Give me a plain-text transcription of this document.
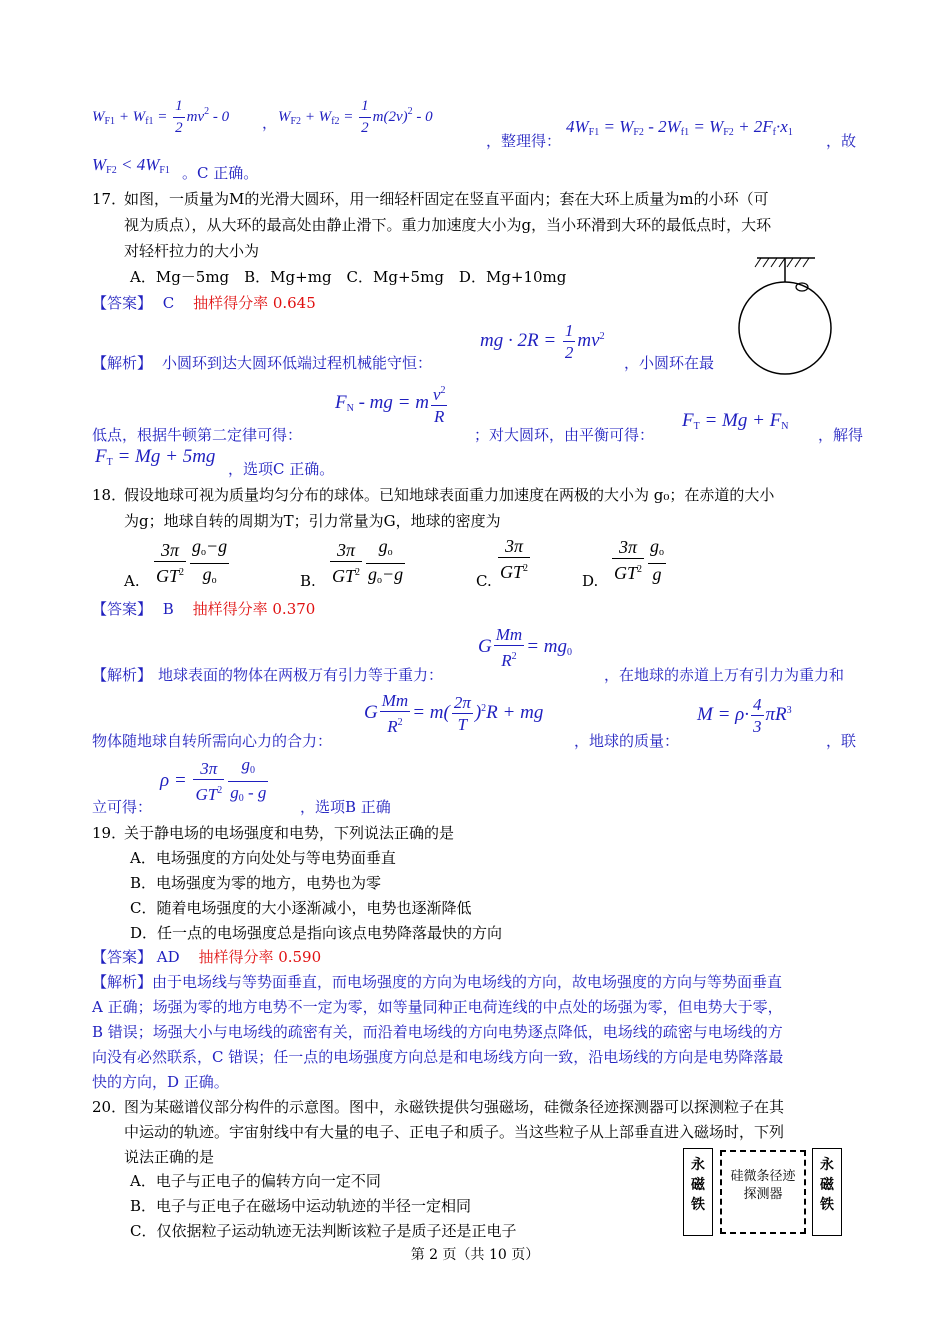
$W_{F1} + W_{f1} = \frac{1}{2} mv^2 - 0$ ， $W_{F2} + W_{f2} = \frac{1}{2} m(2v)^2 - 0$
，整理得：
$4W_{F1} = W_{F2} - 2W_{f1} = W_{F2} + 2F_f\cdot x_1$ ，故
$W_{F2} < 4W_{F1}$ 。C 正确。
17．
如图，一质量为M的光滑大圆环，用一细轻杆固定在竖直平面内；套在大环上质量为m的小环（可
视为质点），从大环的最高处由静止滑下。重力加速度大小为g，当小环滑到大环的最低点时，大环
对轻杆拉力的大小为
A．Mg－5mg　B．Mg+mg　C．Mg+5mg　D．Mg+10mg
【答案】 C 抽样得分率 0.645
mg · $2R = \frac{1}{2} mv^2$
【解析】 小圆环到达大圆环低端过程机械能守恒：	，小圆环在最
$F_N$ - mg = m $\frac{v^2}{R}$
低点，根据牛顿第二定律可得：	；对大圆环，由平衡可得：
$F_T = Mg + F_N$ ，解得
$F_T = Mg + 5mg$
，选项C 正确。
18．
假设地球可视为质量均匀分布的球体。已知地球表面重力加速度在两极的大小为 g₀；在赤道的大小
为g；地球自转的周期为T；引力常量为G，地球的密度为
A. $\frac{3\pi}{GT^2} \frac{g_o-g}{g_o}$	B. $\frac{3\pi}{GT^2} \frac{g_o}{g_o-g}$	C. $\frac{3\pi}{GT^2}$	D. $\frac{3\pi}{GT^2} \frac{g_o}{g}$
【答案】 B 抽样得分率 0.370
G $\frac{Mm}{R^2} = mg_0$
【解析】 地球表面的物体在两极万有引力等于重力：	，在地球的赤道上万有引力为重力和
G $\frac{Mm}{R^2} = m( \frac{2\pi}{T} )^2R$ + mg	$M = \rho\cdot \frac{4}{3} \pi R^3$
物体随地球自转所需向心力的合力：	，地球的质量：	，联
$\rho = \frac{3\pi}{GT^2} \frac{g_0}{g_0 - g}$
立可得：	，选项B 正确
19．
关于静电场的电场强度和电势，下列说法正确的是
A．电场强度的方向处处与等电势面垂直
B．电场强度为零的地方，电势也为零
C．随着电场强度的大小逐渐减小，电势也逐渐降低
D．任一点的电场强度总是指向该点电势降落最快的方向
【答案】 AD 抽样得分率 0.590
【解析】由于电场线与等势面垂直，而电场强度的方向为电场线的方向，故电场强度的方向与等势面垂直
A 正确；场强为零的地方电势不一定为零，如等量同种正电荷连线的中点处的场强为零，但电势大于零，
B 错误；场强大小与电场线的疏密有关，而沿着电场线的方向电势逐点降低，电场线的疏密与电场线的方
向没有必然联系，C 错误；任一点的电场强度方向总是和电场线方向一致，沿电场线的方向是电势降落最
快的方向，D 正确。
20．
图为某磁谱仪部分构件的示意图。图中，永磁铁提供匀强磁场，硅微条径迹探测器可以探测粒子在其
中运动的轨迹。宇宙射线中有大量的电子、正电子和质子。当这些粒子从上部垂直进入磁场时，下列
说法正确的是
A．电子与正电子的偏转方向一定不同
B．电子与正电子在磁场中运动轨迹的半径一定相同
C．仅依据粒子运动轨迹无法判断该粒子是质子还是正电子
永磁铁
硅微条径迹探测器
永磁铁
第 2 页（共 10 页）
